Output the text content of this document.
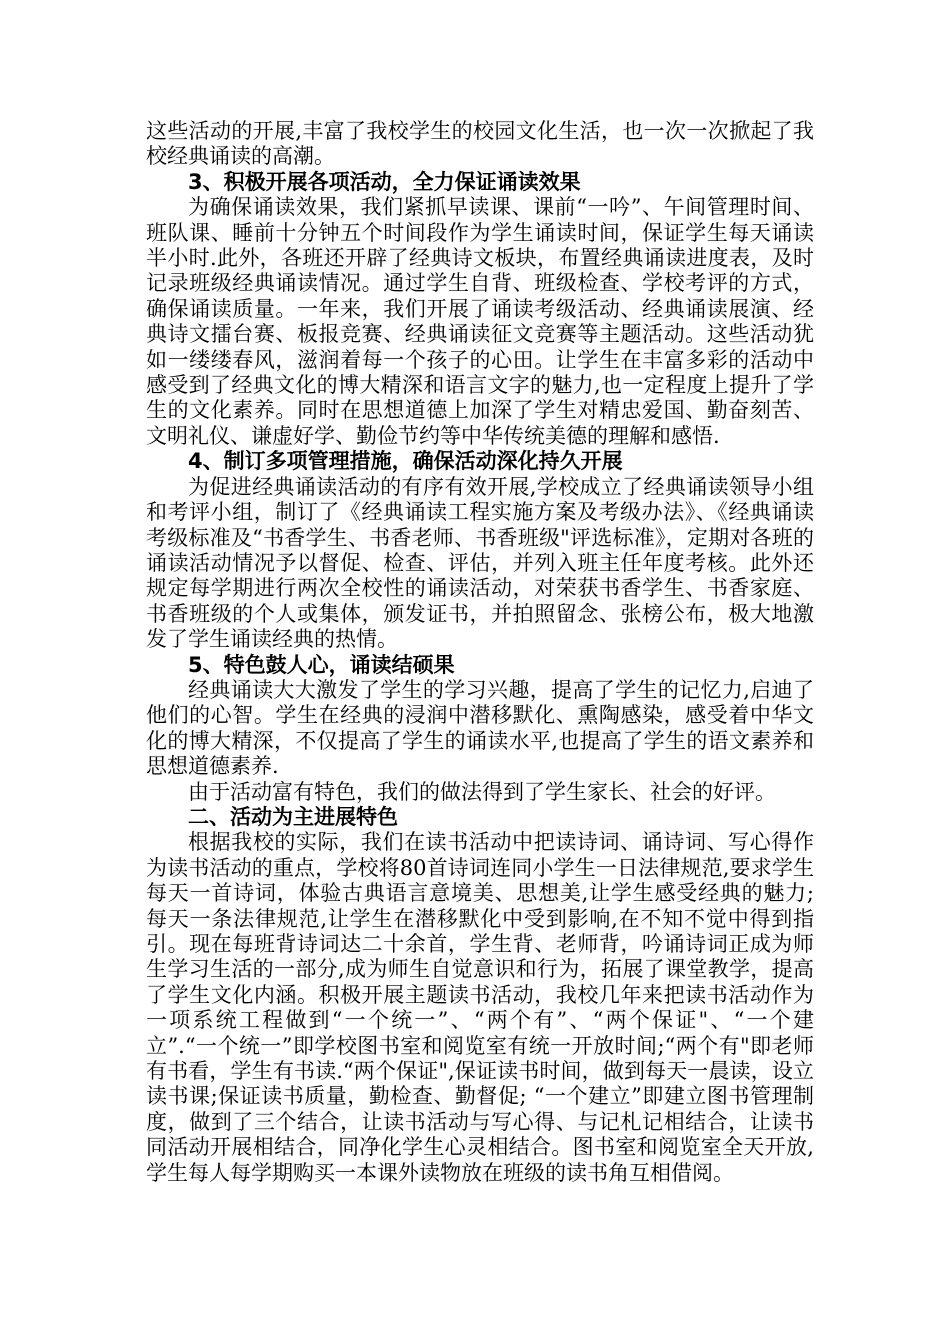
这些活动的开展,丰富了我校学生的校园文化生活，也一次一次掀起了我校经典诵读的高潮。

3、积极开展各项活动，全力保证诵读效果

为确保诵读效果，我们紧抓早读课、课前“一吟”、午间管理时间、班队课、睡前十分钟五个时间段作为学生诵读时间，保证学生每天诵读半小时.此外，各班还开辟了经典诗文板块，布置经典诵读进度表，及时记录班级经典诵读情况。通过学生自背、班级检查、学校考评的方式，确保诵读质量。一年来，我们开展了诵读考级活动、经典诵读展演、经典诗文擂台赛、板报竞赛、经典诵读征文竞赛等主题活动。这些活动犹如一缕缕春风，滋润着每一个孩子的心田。让学生在丰富多彩的活动中感受到了经典文化的博大精深和语言文字的魅力,也一定程度上提升了学生的文化素养。同时在思想道德上加深了学生对精忠爱国、勤奋刻苦、文明礼仪、谦虚好学、勤俭节约等中华传统美德的理解和感悟.

4、制订多项管理措施，确保活动深化持久开展

为促进经典诵读活动的有序有效开展,学校成立了经典诵读领导小组和考评小组，制订了《经典诵读工程实施方案及考级办法》、《经典诵读考级标准及“书香学生、书香老师、书香班级"评选标准》，定期对各班的诵读活动情况予以督促、检查、评估，并列入班主任年度考核。此外还规定每学期进行两次全校性的诵读活动，对荣获书香学生、书香家庭、书香班级的个人或集体，颁发证书，并拍照留念、张榜公布，极大地激发了学生诵读经典的热情。

5、特色鼓人心，诵读结硕果

经典诵读大大激发了学生的学习兴趣，提高了学生的记忆力,启迪了他们的心智。学生在经典的浸润中潜移默化、熏陶感染，感受着中华文化的博大精深，不仅提高了学生的诵读水平,也提高了学生的语文素养和思想道德素养.

由于活动富有特色，我们的做法得到了学生家长、社会的好评。

二、活动为主进展特色

根据我校的实际，我们在读书活动中把读诗词、诵诗词、写心得作为读书活动的重点，学校将80首诗词连同小学生一日法律规范,要求学生每天一首诗词，体验古典语言意境美、思想美,让学生感受经典的魅力; 每天一条法律规范,让学生在潜移默化中受到影响,在不知不觉中得到指引。现在每班背诗词达二十余首，学生背、老师背，吟诵诗词正成为师生学习生活的一部分,成为师生自觉意识和行为，拓展了课堂教学，提高了学生文化内涵。积极开展主题读书活动，我校几年来把读书活动作为一项系统工程做到“一个统一”、“两个有”、“两个保证"、“一个建立”.“一个统一”即学校图书室和阅览室有统一开放时间;“两个有"即老师有书看，学生有书读.“两个保证",保证读书时间，做到每天一晨读，设立读书课;保证读书质量，勤检查、勤督促; “一个建立”即建立图书管理制度，做到了三个结合，让读书活动与写心得、与记札记相结合，让读书同活动开展相结合，同净化学生心灵相结合。图书室和阅览室全天开放,学生每人每学期购买一本课外读物放在班级的读书角互相借阅。
